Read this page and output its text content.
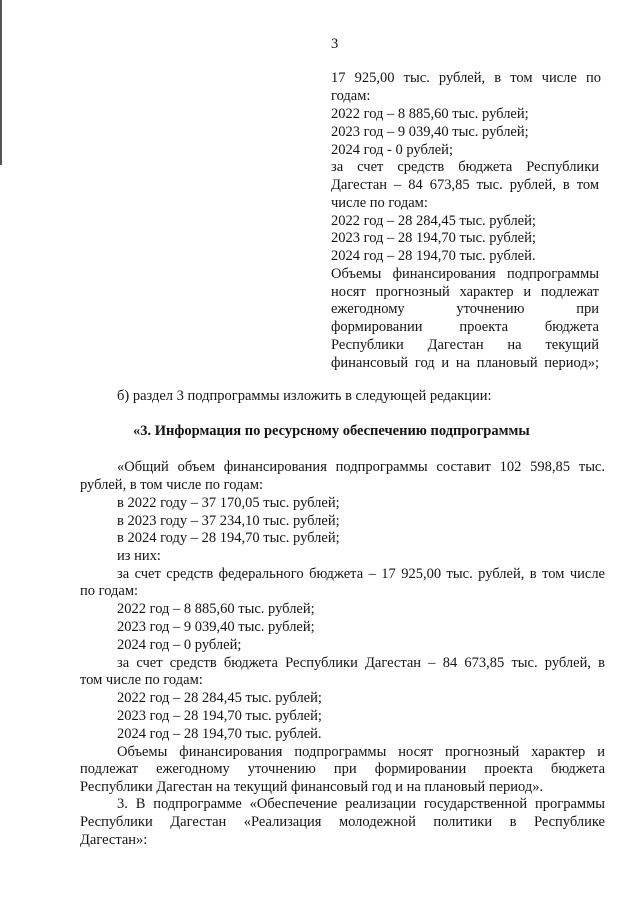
3
17 925,00 тыс. рублей, в том числе по
годам:
2022 год – 8 885,60 тыс. рублей;
2023 год – 9 039,40 тыс. рублей;
2024 год - 0 рублей;
за счет средств бюджета Республики
Дагестан – 84 673,85 тыс. рублей, в том
числе по годам:
2022 год – 28 284,45 тыс. рублей;
2023 год – 28 194,70 тыс. рублей;
2024 год – 28 194,70 тыс. рублей.
Объемы финансирования подпрограммы
носят прогнозный характер и подлежат
ежегодному уточнению при
формировании проекта бюджета
Республики Дагестан на текущий
финансовый год и на плановый период»;
б) раздел 3 подпрограммы изложить в следующей редакции:
«3. Информация по ресурсному обеспечению подпрограммы
«Общий объем финансирования подпрограммы составит 102 598,85 тыс.
рублей, в том числе по годам:
в 2022 году – 37 170,05 тыс. рублей;
в 2023 году – 37 234,10 тыс. рублей;
в 2024 году – 28 194,70 тыс. рублей;
из них:
за счет средств федерального бюджета – 17 925,00 тыс. рублей, в том числе
по годам:
2022 год – 8 885,60 тыс. рублей;
2023 год – 9 039,40 тыс. рублей;
2024 год – 0 рублей;
за счет средств бюджета Республики Дагестан – 84 673,85 тыс. рублей, в
том числе по годам:
2022 год – 28 284,45 тыс. рублей;
2023 год – 28 194,70 тыс. рублей;
2024 год – 28 194,70 тыс. рублей.
Объемы финансирования подпрограммы носят прогнозный характер и
подлежат ежегодному уточнению при формировании проекта бюджета
Республики Дагестан на текущий финансовый год и на плановый период».
3. В подпрограмме «Обеспечение реализации государственной программы
Республики Дагестан «Реализация молодежной политики в Республике
Дагестан»:
